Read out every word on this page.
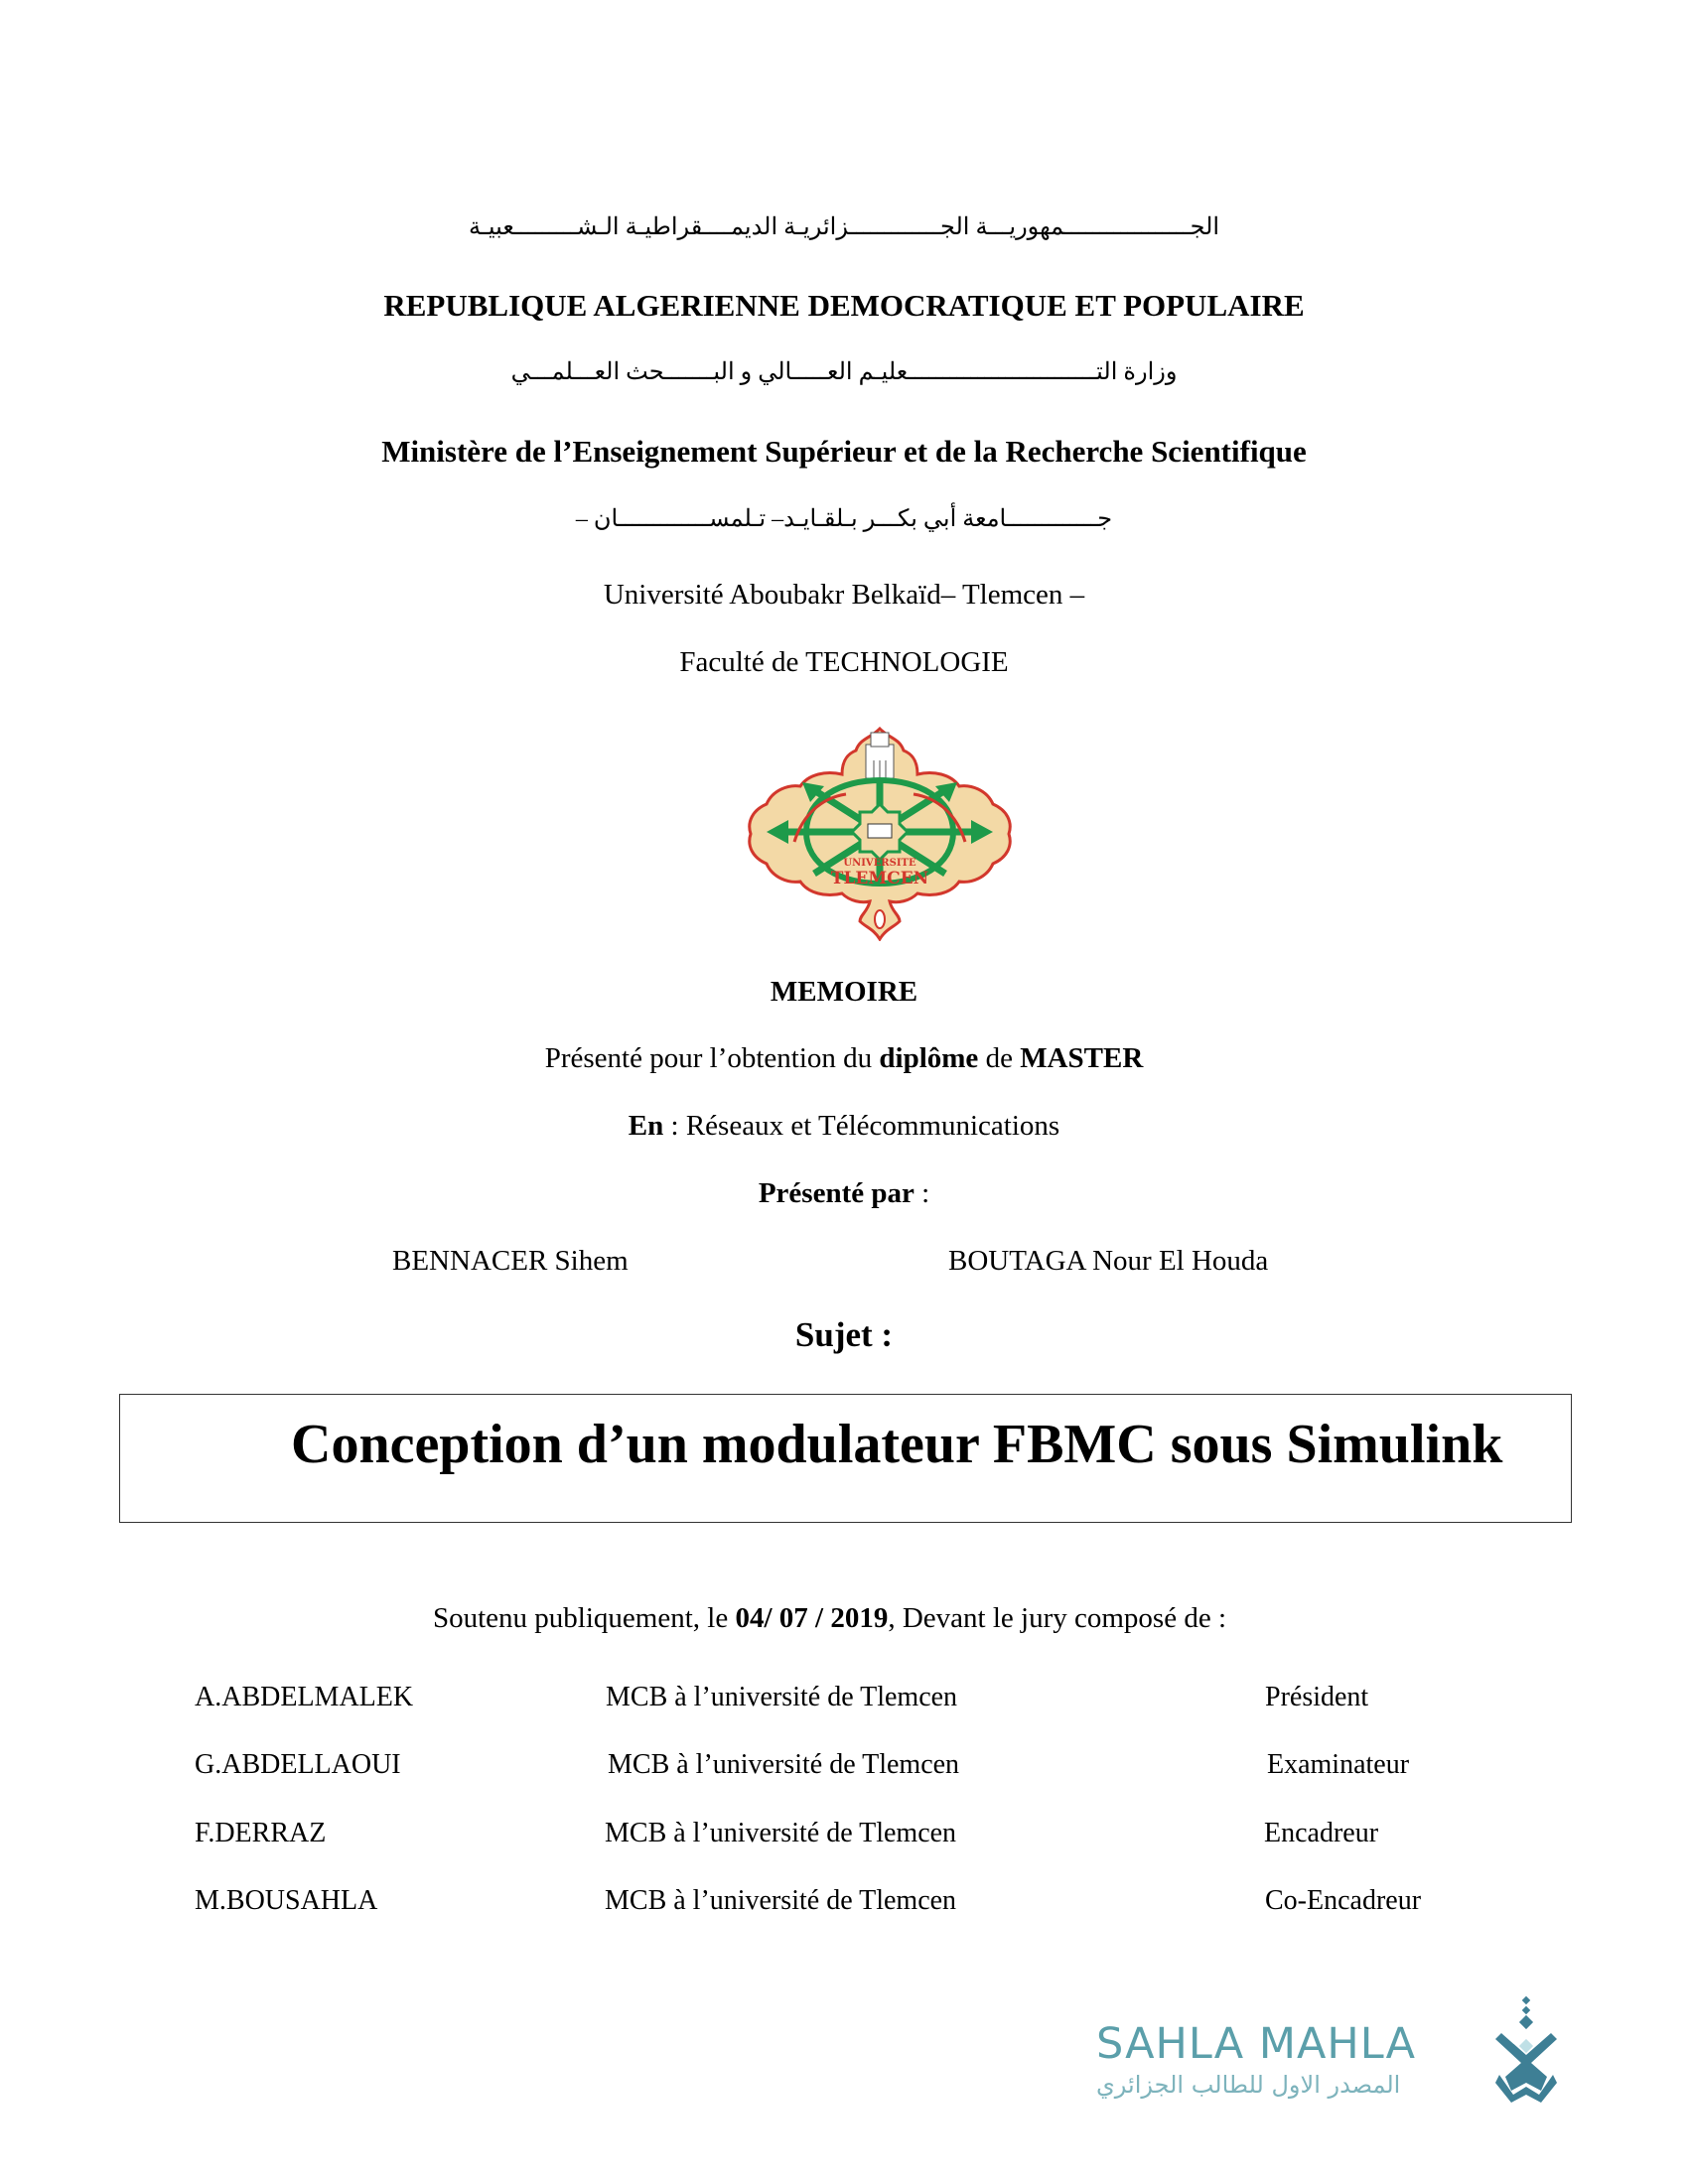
الجــــــــــــــــــمهوريـــة الجـــــــــــــزائريـة الديمــــقراطيـة الـشـــــــــعبيـة
REPUBLIQUE ALGERIENNE DEMOCRATIQUE ET POPULAIRE
وزارة التـــــــــــــــــــــــــــعليـم العـــــالي و البـــــــحث العـــلمـــي
Ministère de l’Enseignement Supérieur et de la Recherche Scientifique
جـــــــــــــامعة أبي بكـــر بـلقـايـد– تـلمســـــــــــــان –
Université Aboubakr Belkaïd– Tlemcen –
Faculté de TECHNOLOGIE
UNIVERSITE
TLEMCEN
MEMOIRE
Présenté pour l’obtention du diplôme de MASTER
En : Réseaux et Télécommunications
Présenté par :
BENNACER Sihem	BOUTAGA Nour El Houda
Sujet :
Conception d’un modulateur FBMC sous Simulink
Soutenu publiquement, le 04/ 07 / 2019, Devant le jury composé de :
A.ABDELMALEK	MCB à l’université de Tlemcen	Président
G.ABDELLAOUI	MCB à l’université de Tlemcen	Examinateur
F.DERRAZ	MCB à l’université de Tlemcen	Encadreur
M.BOUSAHLA	MCB à l’université de Tlemcen	Co-Encadreur
SAHLA MAHLA
المصدر الاول للطالب الجزائري
